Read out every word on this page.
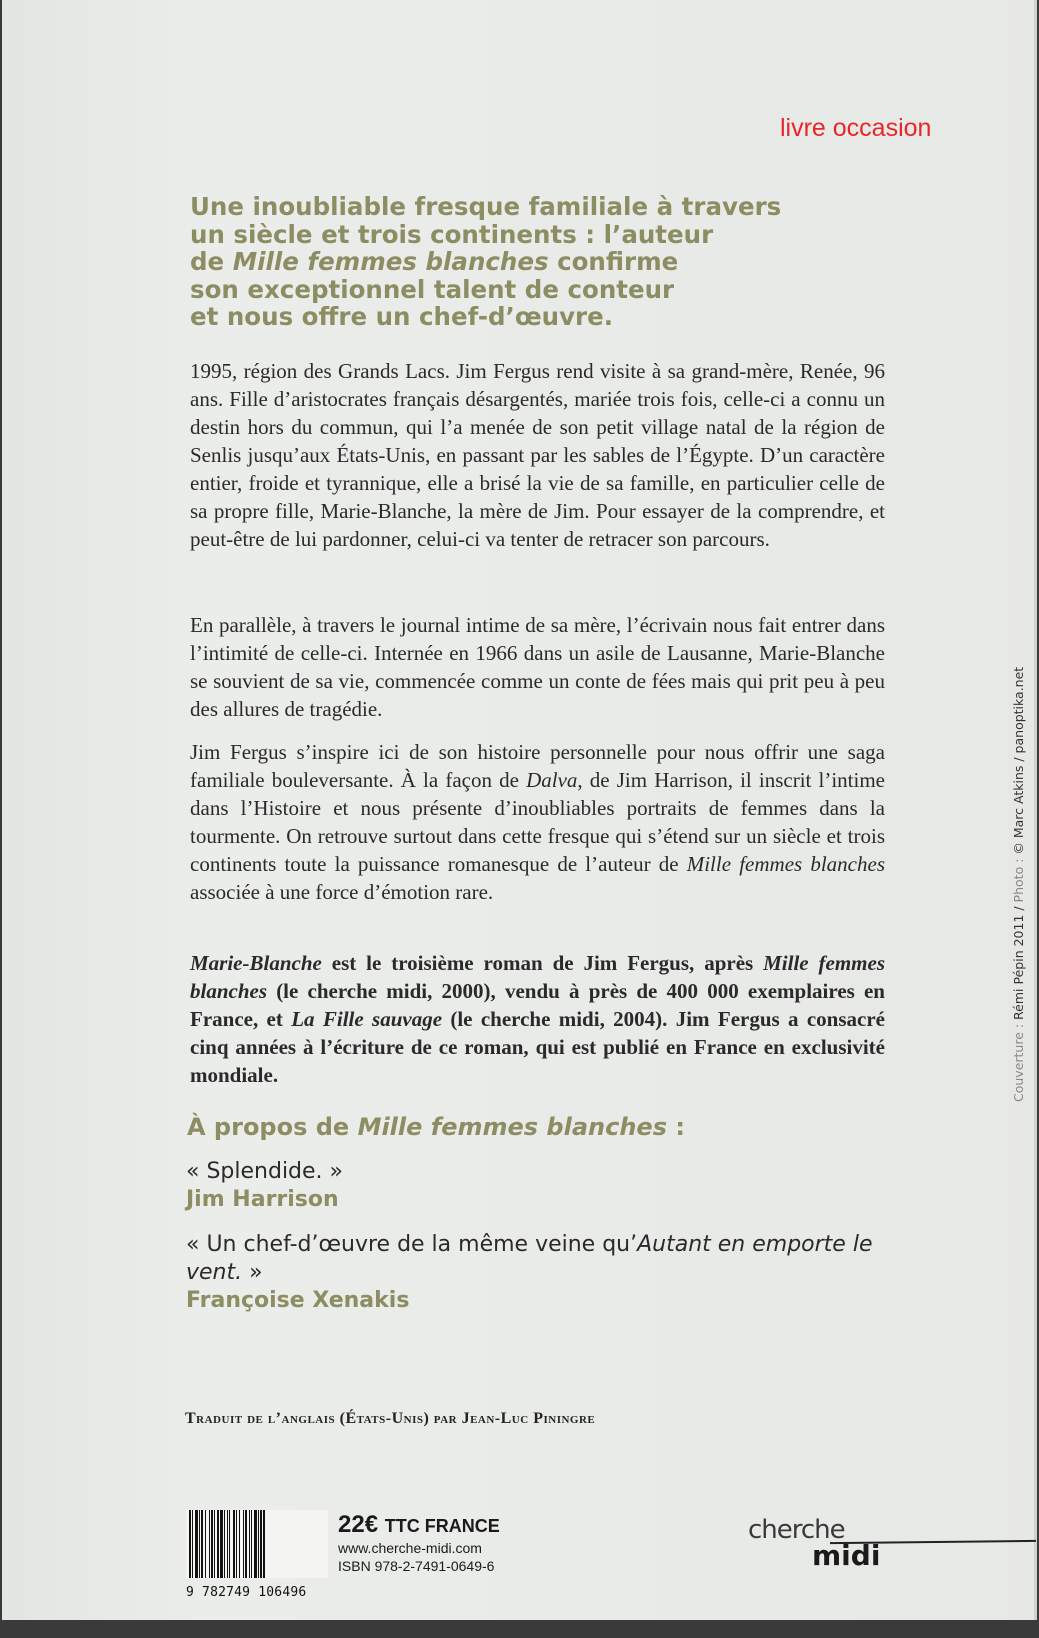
livre occasion

Une inoubliable fresque familiale à travers
un siècle et trois continents : l’auteur
de Mille femmes blanches confirme
son exceptionnel talent de conteur
et nous offre un chef-d’œuvre.

1995, région des Grands Lacs. Jim Fergus rend visite à sa grand-mère, Renée, 96 ans. Fille d’aristocrates français désargentés, mariée trois fois, celle-ci a connu un destin hors du commun, qui l’a menée de son petit village natal de la région de Senlis jusqu’aux États-Unis, en passant par les sables de l’Égypte. D’un caractère entier, froide et tyrannique, elle a brisé la vie de sa famille, en particulier celle de sa propre fille, Marie-Blanche, la mère de Jim. Pour essayer de la comprendre, et peut-être de lui pardonner, celui-ci va tenter de retracer son parcours.

En parallèle, à travers le journal intime de sa mère, l’écrivain nous fait entrer dans l’intimité de celle-ci. Internée en 1966 dans un asile de Lausanne, Marie-Blanche se souvient de sa vie, commencée comme un conte de fées mais qui prit peu à peu des allures de tragédie.

Jim Fergus s’inspire ici de son histoire personnelle pour nous offrir une saga familiale bouleversante. À la façon de Dalva, de Jim Harrison, il inscrit l’intime dans l’Histoire et nous présente d’inoubliables portraits de femmes dans la tourmente. On retrouve surtout dans cette fresque qui s’étend sur un siècle et trois continents toute la puissance romanesque de l’auteur de Mille femmes blanches associée à une force d’émotion rare.

Marie-Blanche est le troisième roman de Jim Fergus, après Mille femmes blanches (le cherche midi, 2000), vendu à près de 400 000 exemplaires en France, et La Fille sauvage (le cherche midi, 2004). Jim Fergus a consacré cinq années à l’écriture de ce roman, qui est publié en France en exclusivité mondiale.

À propos de Mille femmes blanches :

« Splendide. »
Jim Harrison

« Un chef-d’œuvre de la même veine qu’Autant en emporte le vent. »
Françoise Xenakis

Traduit de l’anglais (États-Unis) par Jean-Luc Piningre

9 782749 106496
22€ TTC FRANCE
www.cherche-midi.com
ISBN 978-2-7491-0649-6
cherche
midi
Couverture : Rémi Pépin 2011 / Photo : © Marc Atkins / panoptika.net
